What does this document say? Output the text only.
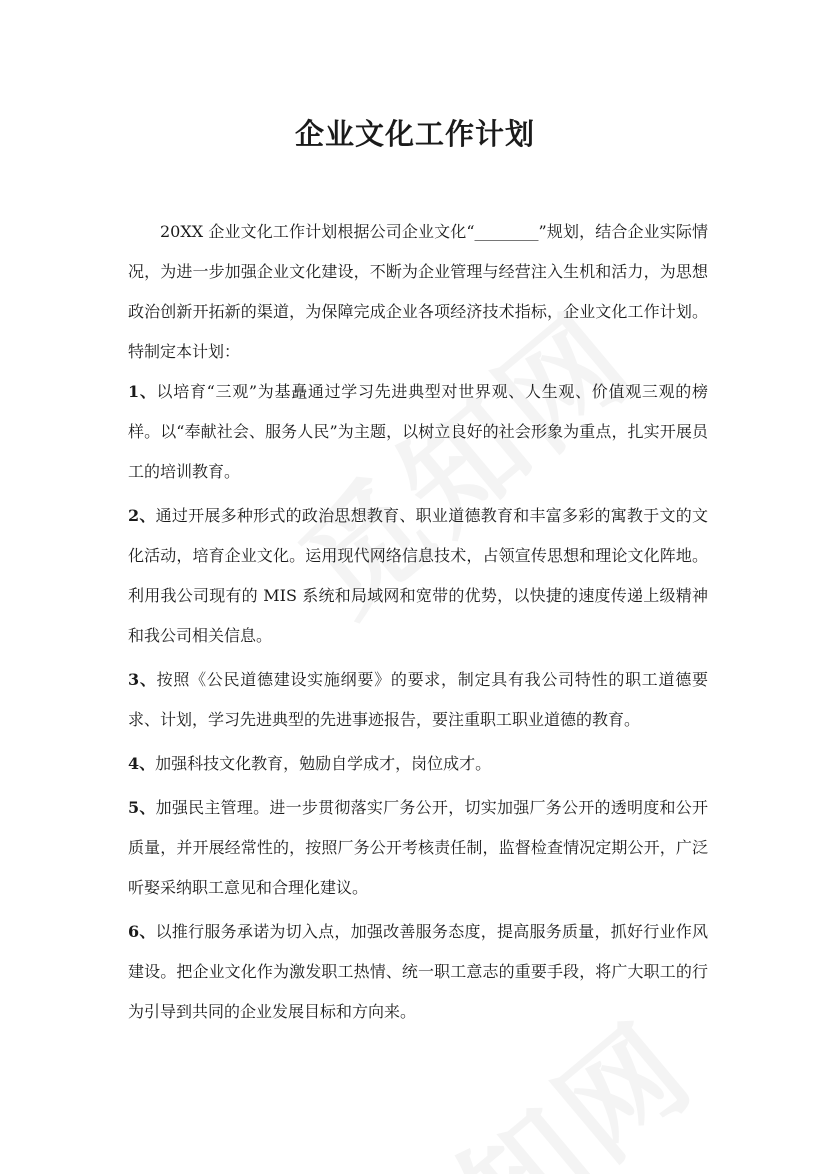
企业文化工作计划

20XX 企业文化工作计划根据公司企业文化“________”规划，结合企业实际情况，为进一步加强企业文化建设，不断为企业管理与经营注入生机和活力，为思想政治创新开拓新的渠道，为保障完成企业各项经济技术指标，企业文化工作计划。特制定本计划：

1、以培育“三观”为基矗通过学习先进典型对世界观、人生观、价值观三观的榜样。以“奉献社会、服务人民”为主题，以树立良好的社会形象为重点，扎实开展员工的培训教育。

2、通过开展多种形式的政治思想教育、职业道德教育和丰富多彩的寓教于文的文化活动，培育企业文化。运用现代网络信息技术，占领宣传思想和理论文化阵地。利用我公司现有的 MIS 系统和局域网和宽带的优势，以快捷的速度传递上级精神和我公司相关信息。

3、按照《公民道德建设实施纲要》的要求，制定具有我公司特性的职工道德要求、计划，学习先进典型的先进事迹报告，要注重职工职业道德的教育。

4、加强科技文化教育，勉励自学成才，岗位成才。

5、加强民主管理。进一步贯彻落实厂务公开，切实加强厂务公开的透明度和公开质量，并开展经常性的，按照厂务公开考核责任制，监督检查情况定期公开，广泛听娶采纳职工意见和合理化建议。

6、以推行服务承诺为切入点，加强改善服务态度，提高服务质量，抓好行业作风建设。把企业文化作为激发职工热情、统一职工意志的重要手段，将广大职工的行为引导到共同的企业发展目标和方向来。
